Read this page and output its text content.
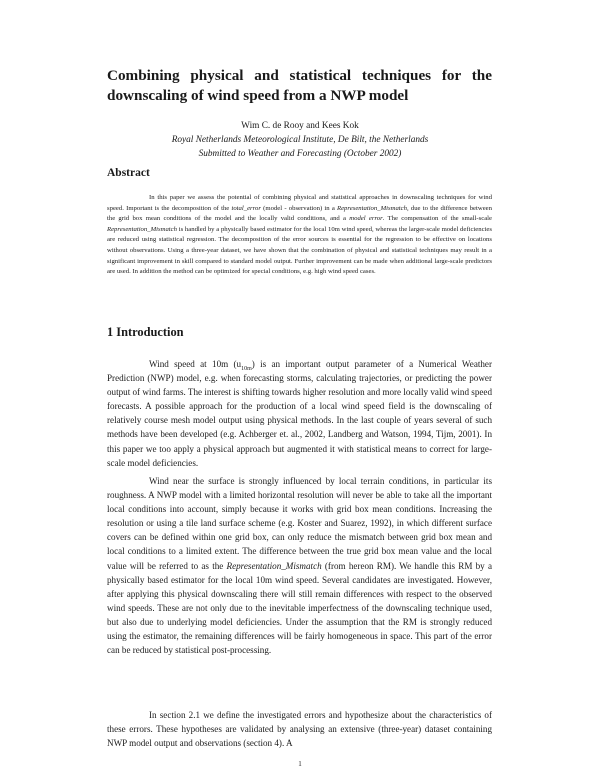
Combining physical and statistical techniques for the downscaling of wind speed from a NWP model

Wim C. de Rooy and Kees Kok

Royal Netherlands Meteorological Institute, De Bilt, the Netherlands

Submitted to Weather and Forecasting (October 2002)

Abstract

In this paper we assess the potential of combining physical and statistical approaches in downscaling techniques for wind speed. Important is the decomposition of the total_error (model - observation) in a Representation_Mismatch, due to the difference between the grid box mean conditions of the model and the locally valid conditions, and a model error. The compensation of the small-scale Representation_Mismatch is handled by a physically based estimator for the local 10m wind speed, whereas the larger-scale model deficiencies are reduced using statistical regression. The decomposition of the error sources is essential for the regression to be effective on locations without observations. Using a three-year dataset, we have shown that the combination of physical and statistical techniques may result in a significant improvement in skill compared to standard model output. Further improvement can be made when additional large-scale predictors are used. In addition the method can be optimized for special conditions, e.g. high wind speed cases.

1 Introduction

Wind speed at 10m $(u_{10m})$ is an important output parameter of a Numerical Weather Prediction (NWP) model, e.g. when forecasting storms, calculating trajectories, or predicting the power output of wind farms. The interest is shifting towards higher resolution and more locally valid wind speed forecasts. A possible approach for the production of a local wind speed field is the downscaling of relatively course mesh model output using physical methods. In the last couple of years several of such methods have been developed (e.g. Achberger et. al., 2002, Landberg and Watson, 1994, Tijm, 2001). In this paper we too apply a physical approach but augmented it with statistical means to correct for large-scale model deficiencies.

Wind near the surface is strongly influenced by local terrain conditions, in particular its roughness. A NWP model with a limited horizontal resolution will never be able to take all the important local conditions into account, simply because it works with grid box mean conditions. Increasing the resolution or using a tile land surface scheme (e.g. Koster and Suarez, 1992), in which different surface covers can be defined within one grid box, can only reduce the mismatch between grid box mean and local conditions to a limited extent. The difference between the true grid box mean value and the local value will be referred to as the Representation_Mismatch (from hereon RM). We handle this RM by a physically based estimator for the local 10m wind speed. Several candidates are investigated. However, after applying this physical downscaling there will still remain differences with respect to the observed wind speeds. These are not only due to the inevitable imperfectness of the downscaling technique used, but also due to underlying model deficiencies. Under the assumption that the RM is strongly reduced using the estimator, the remaining differences will be fairly homogeneous in space. This part of the error can be reduced by statistical post-processing.

In section 2.1 we define the investigated errors and hypothesize about the characteristics of these errors. These hypotheses are validated by analysing an extensive (three-year) dataset containing NWP model output and observations (section 4). A

1
